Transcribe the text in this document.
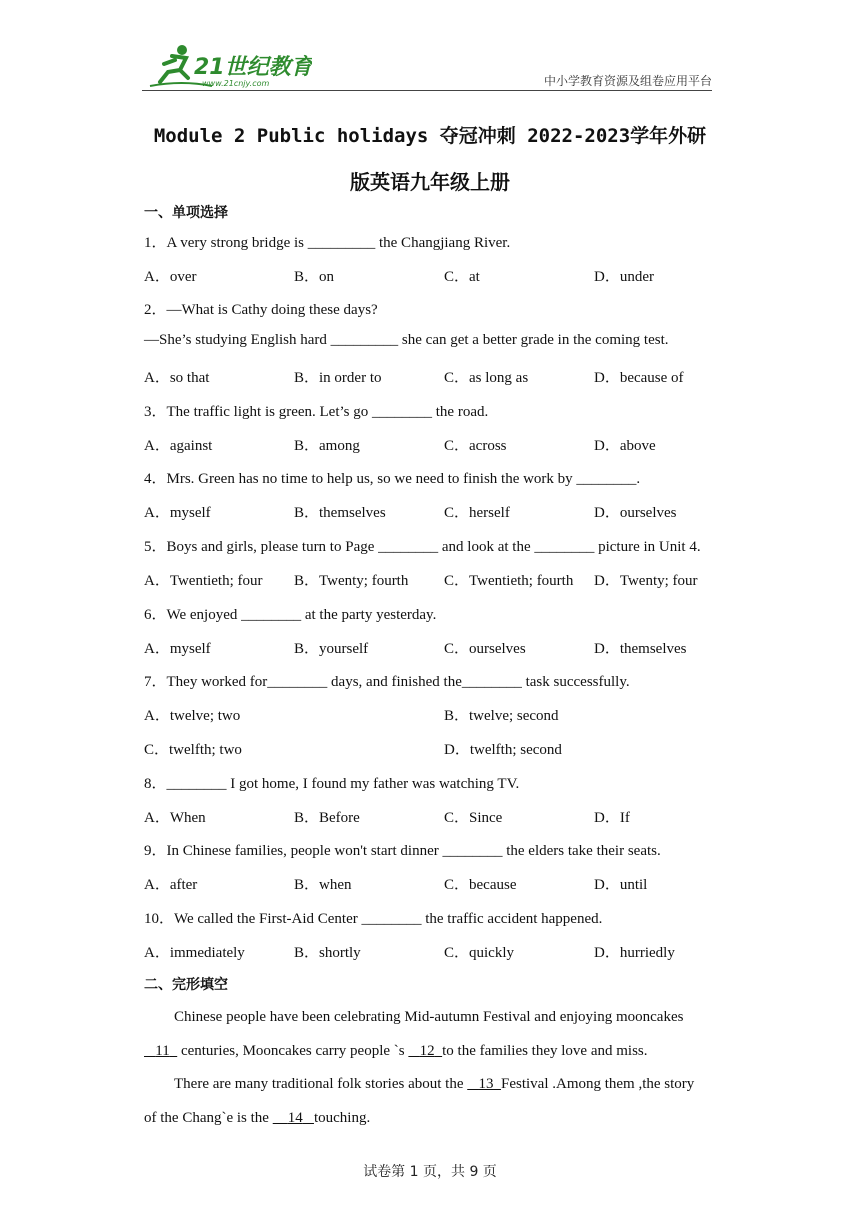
21世纪教育
www.21cnjy.com	中小学教育资源及组卷应用平台
Module 2 Public holidays 夺冠冲刺 2022-2023学年外研
版英语九年级上册
一、单项选择
1．A very strong bridge is _________ the Changjiang River.
A．over	B．on	C．at	D．under
2．—What is Cathy doing these days?
—She’s studying English hard _________ she can get a better grade in the coming test.
A．so that	B．in order to	C．as long as	D．because of
3．The traffic light is green. Let’s go ________ the road.
A．against	B．among	C．across	D．above
4．Mrs. Green has no time to help us, so we need to finish the work by ________.
A．myself	B．themselves	C．herself	D．ourselves
5．Boys and girls, please turn to Page ________ and look at the ________ picture in Unit 4.
A．Twentieth; four B．Twenty; fourth C．Twentieth; fourth D．Twenty; four
6．We enjoyed ________ at the party yesterday.
A．myself	B．yourself	C．ourselves	D．themselves
7．They worked for________ days, and finished the________ task successfully.
A．twelve; two	B．twelve; second
C．twelfth; two	D．twelfth; second
8．________ I got home, I found my father was watching TV.
A．When	B．Before	C．Since	D．If
9．In Chinese families, people won't start dinner ________ the elders take their seats.
A．after	B．when	C．because	D．until
10．We called the First-Aid Center ________ the traffic accident happened.
A．immediately	B．shortly	C．quickly	D．hurriedly
二、完形填空
Chinese people have been celebrating Mid-autumn Festival and enjoying mooncakes
11   centuries, Mooncakes carry people `s    12 to the families they love and miss.
There are many traditional folk stories about the    13 Festival .Among them ,the story
of the Chang`e is the     14 touching.
试卷第 1 页，共 9 页
